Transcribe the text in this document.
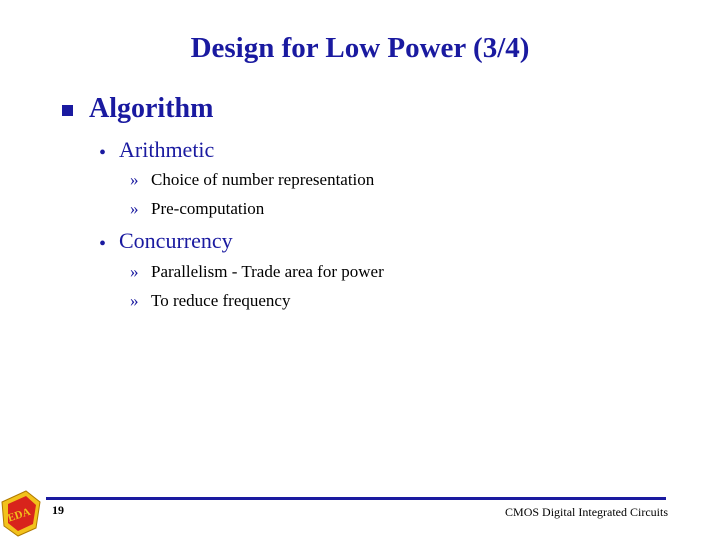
Design for Low Power (3/4)
Algorithm
• Arithmetic
» Choice of number representation
» Pre-computation
• Concurrency
» Parallelism - Trade area for power
» To reduce frequency
EDA 19	CMOS Digital Integrated Circuits
